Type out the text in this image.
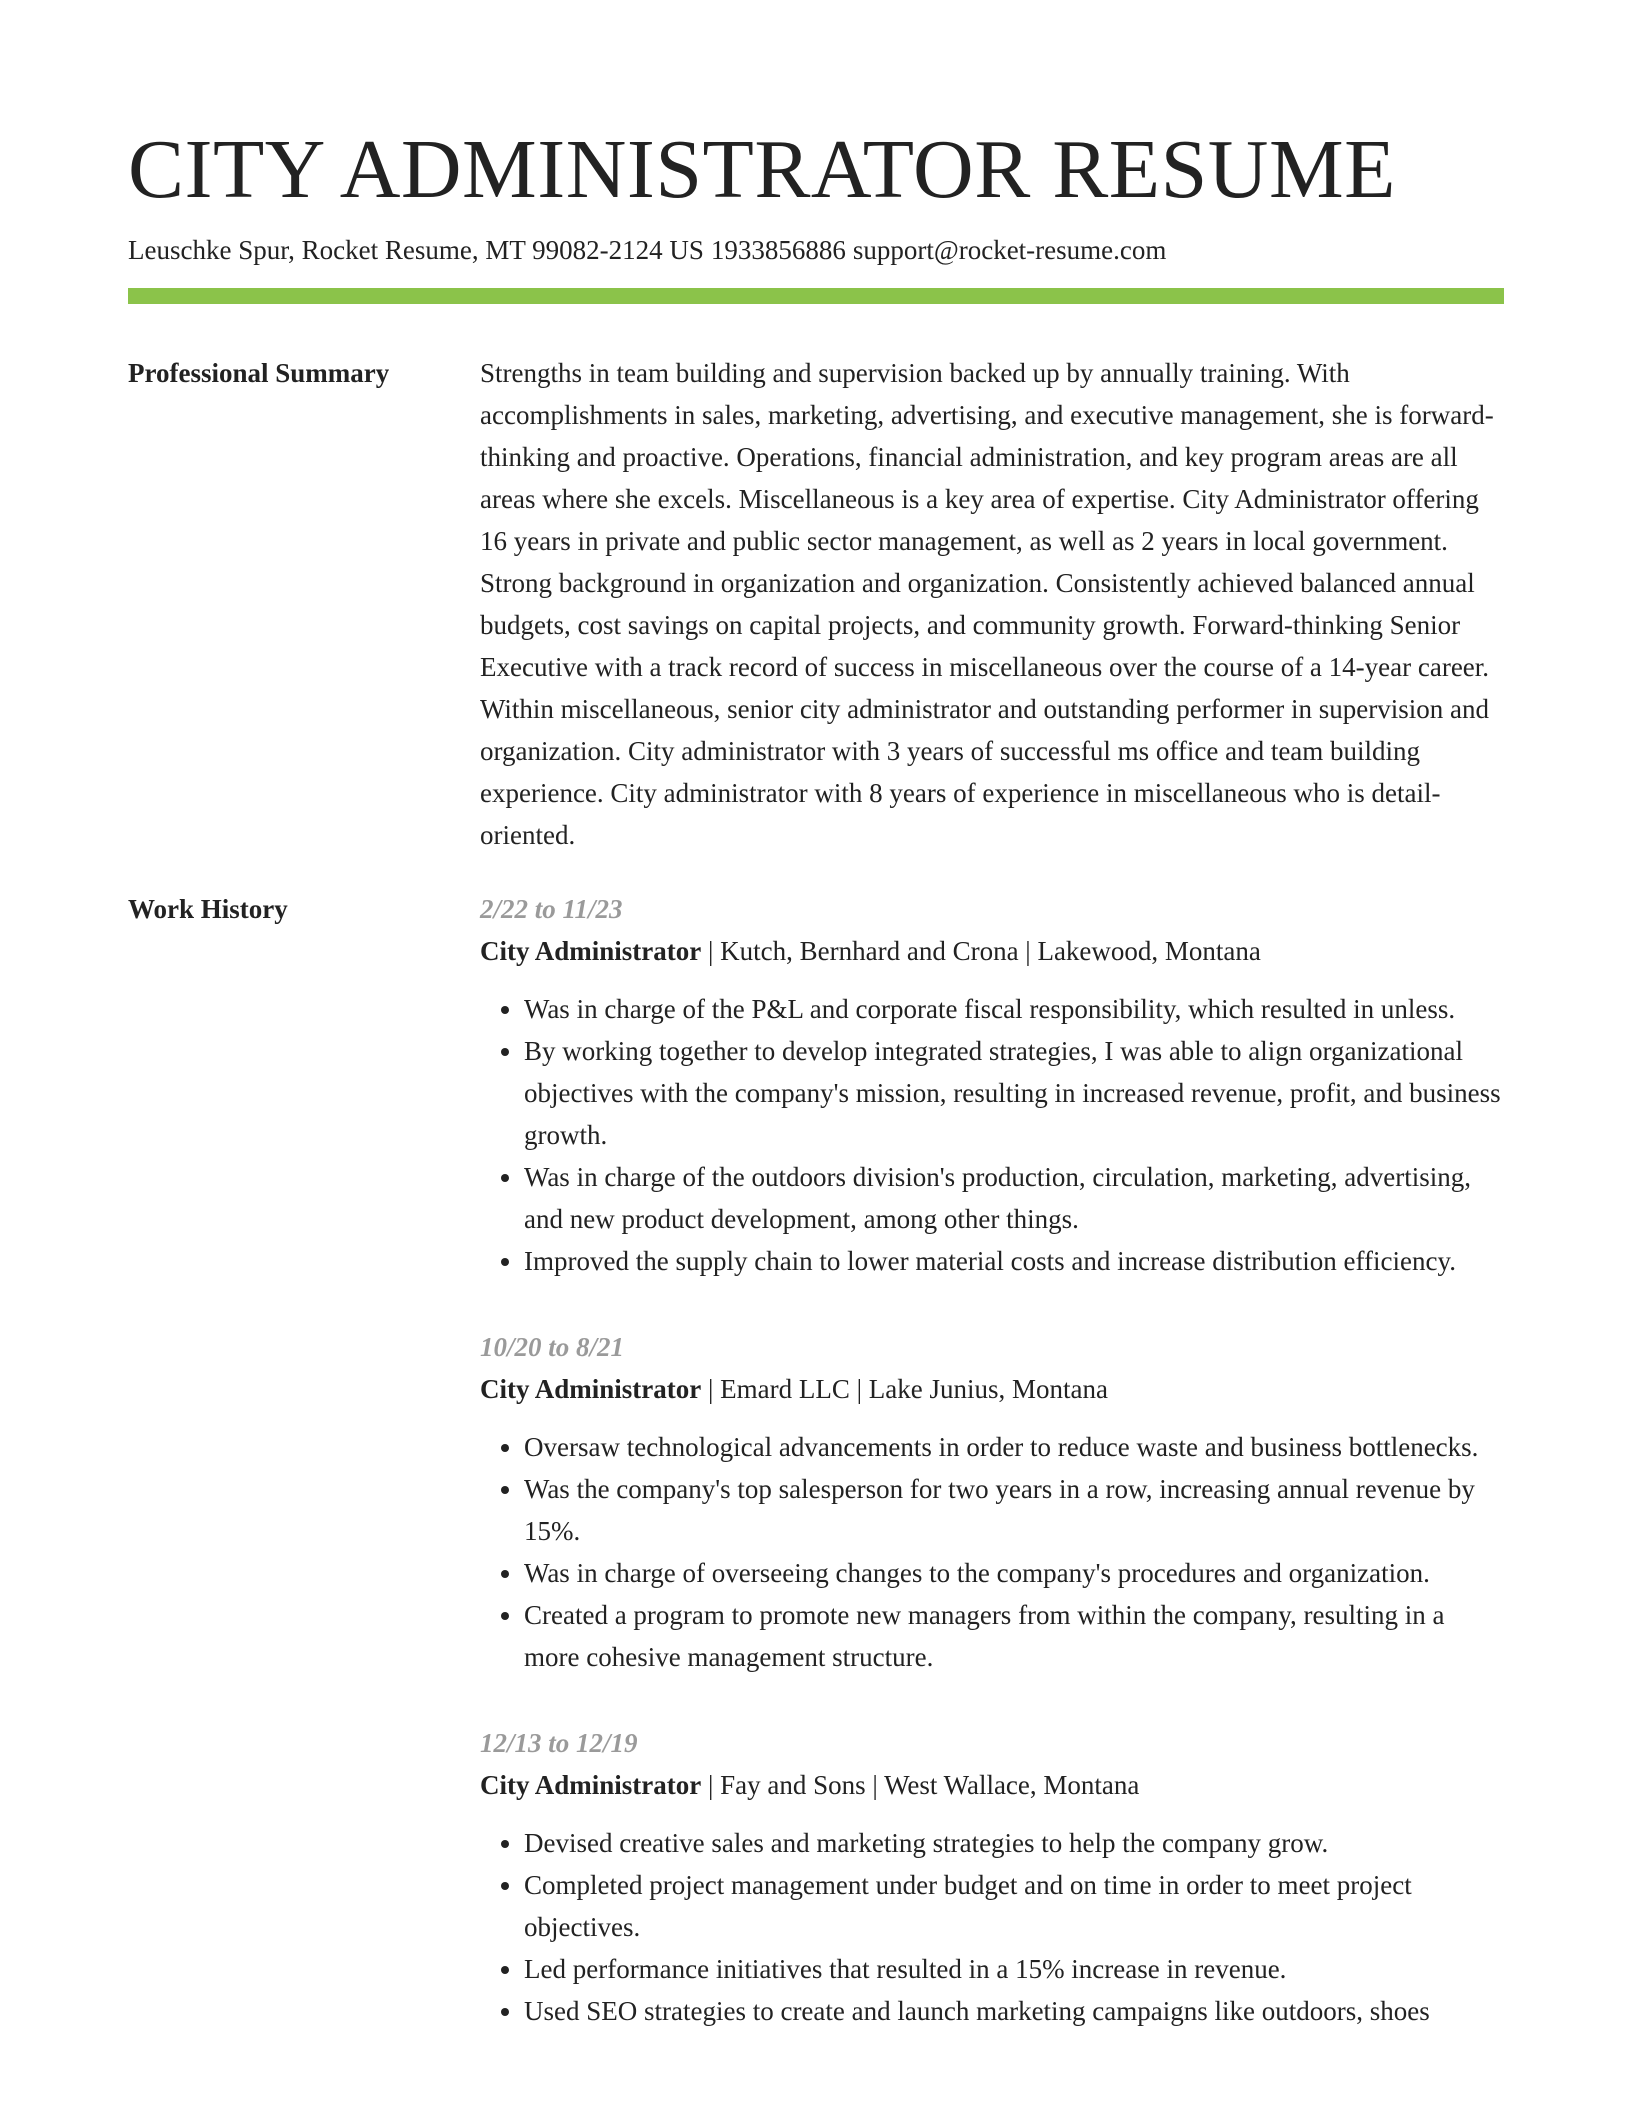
CITY ADMINISTRATOR RESUME
Leuschke Spur, Rocket Resume, MT 99082-2124 US 1933856886 support@rocket-resume.com
Professional Summary	Strengths in team building and supervision backed up by annually training. With accomplishments in sales, marketing, advertising, and executive management, she is forward-thinking and proactive. Operations, financial administration, and key program areas are all areas where she excels. Miscellaneous is a key area of expertise. City Administrator offering 16 years in private and public sector management, as well as 2 years in local government. Strong background in organization and organization. Consistently achieved balanced annual budgets, cost savings on capital projects, and community growth. Forward-thinking Senior Executive with a track record of success in miscellaneous over the course of a 14-year career. Within miscellaneous, senior city administrator and outstanding performer in supervision and organization. City administrator with 3 years of successful ms office and team building experience. City administrator with 8 years of experience in miscellaneous who is detail-oriented.

Work History	2/22 to 11/23
City Administrator | Kutch, Bernhard and Crona | Lakewood, Montana
• Was in charge of the P&L and corporate fiscal responsibility, which resulted in unless.
• By working together to develop integrated strategies, I was able to align organizational objectives with the company's mission, resulting in increased revenue, profit, and business growth.
• Was in charge of the outdoors division's production, circulation, marketing, advertising, and new product development, among other things.
• Improved the supply chain to lower material costs and increase distribution efficiency.
10/20 to 8/21
City Administrator | Emard LLC | Lake Junius, Montana
• Oversaw technological advancements in order to reduce waste and business bottlenecks.
• Was the company's top salesperson for two years in a row, increasing annual revenue by 15%.
• Was in charge of overseeing changes to the company's procedures and organization.
• Created a program to promote new managers from within the company, resulting in a more cohesive management structure.
12/13 to 12/19
City Administrator | Fay and Sons | West Wallace, Montana
• Devised creative sales and marketing strategies to help the company grow.
• Completed project management under budget and on time in order to meet project objectives.
• Led performance initiatives that resulted in a 15% increase in revenue.
• Used SEO strategies to create and launch marketing campaigns like outdoors, shoes
